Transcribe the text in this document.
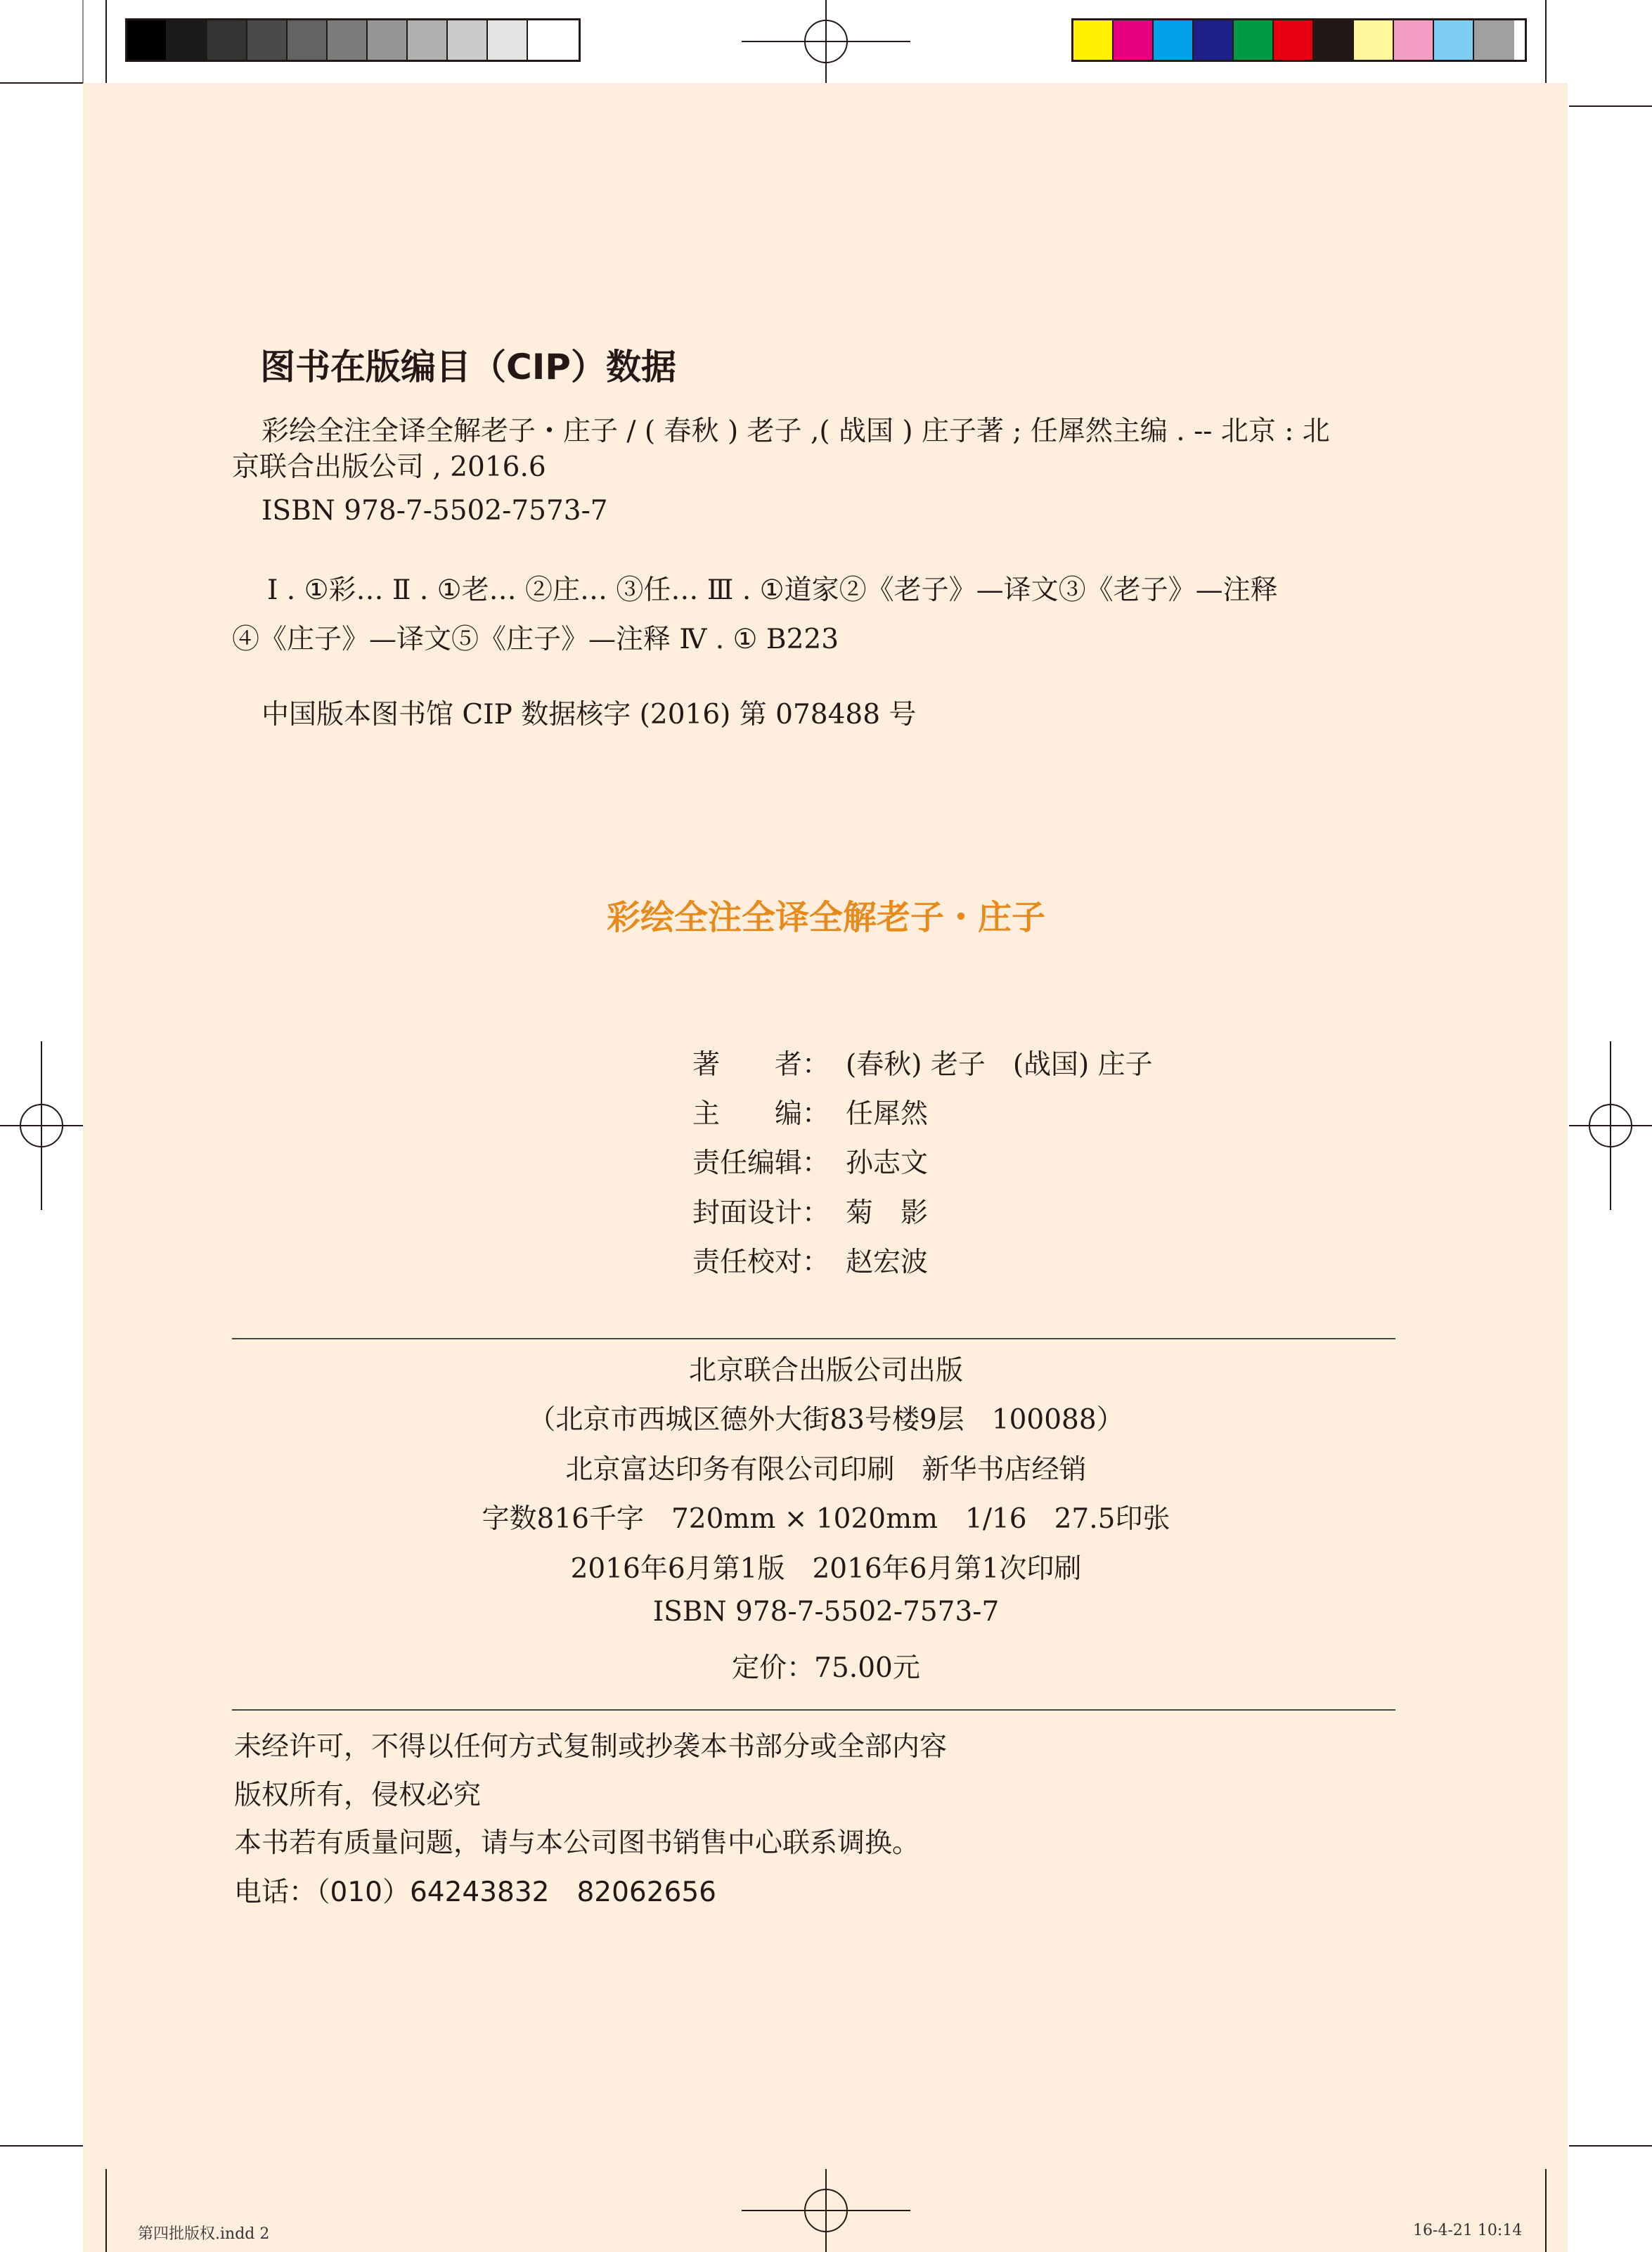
图书在版编目（CIP）数据
彩绘全注全译全解老子・庄子 / ( 春秋 ) 老子 ,( 战国 ) 庄子著 ; 任犀然主编 . -- 北京 : 北
京联合出版公司 , 2016.6
ISBN 978-7-5502-7573-7
Ⅰ . ①彩… Ⅱ . ①老… ②庄… ③任… Ⅲ . ①道家②《老子》—译文③《老子》—注释
④《庄子》—译文⑤《庄子》—注释 Ⅳ . ① B223
中国版本图书馆 CIP 数据核字 (2016) 第 078488 号
彩绘全注全译全解老子・庄子
著　　者： (春秋) 老子　(战国) 庄子
主　　编： 任犀然
责任编辑： 孙志文
封面设计： 菊　影
责任校对： 赵宏波
北京联合出版公司出版
（北京市西城区德外大街83号楼9层　100088）
北京富达印务有限公司印刷　新华书店经销
字数816千字　720mm × 1020mm　1/16　27.5印张
2016年6月第1版　2016年6月第1次印刷
ISBN 978-7-5502-7573-7
定价：75.00元
未经许可，不得以任何方式复制或抄袭本书部分或全部内容
版权所有，侵权必究
本书若有质量问题，请与本公司图书销售中心联系调换。
电话：（010）64243832　82062656
第四批版权.indd 2	16-4-21 10:14
